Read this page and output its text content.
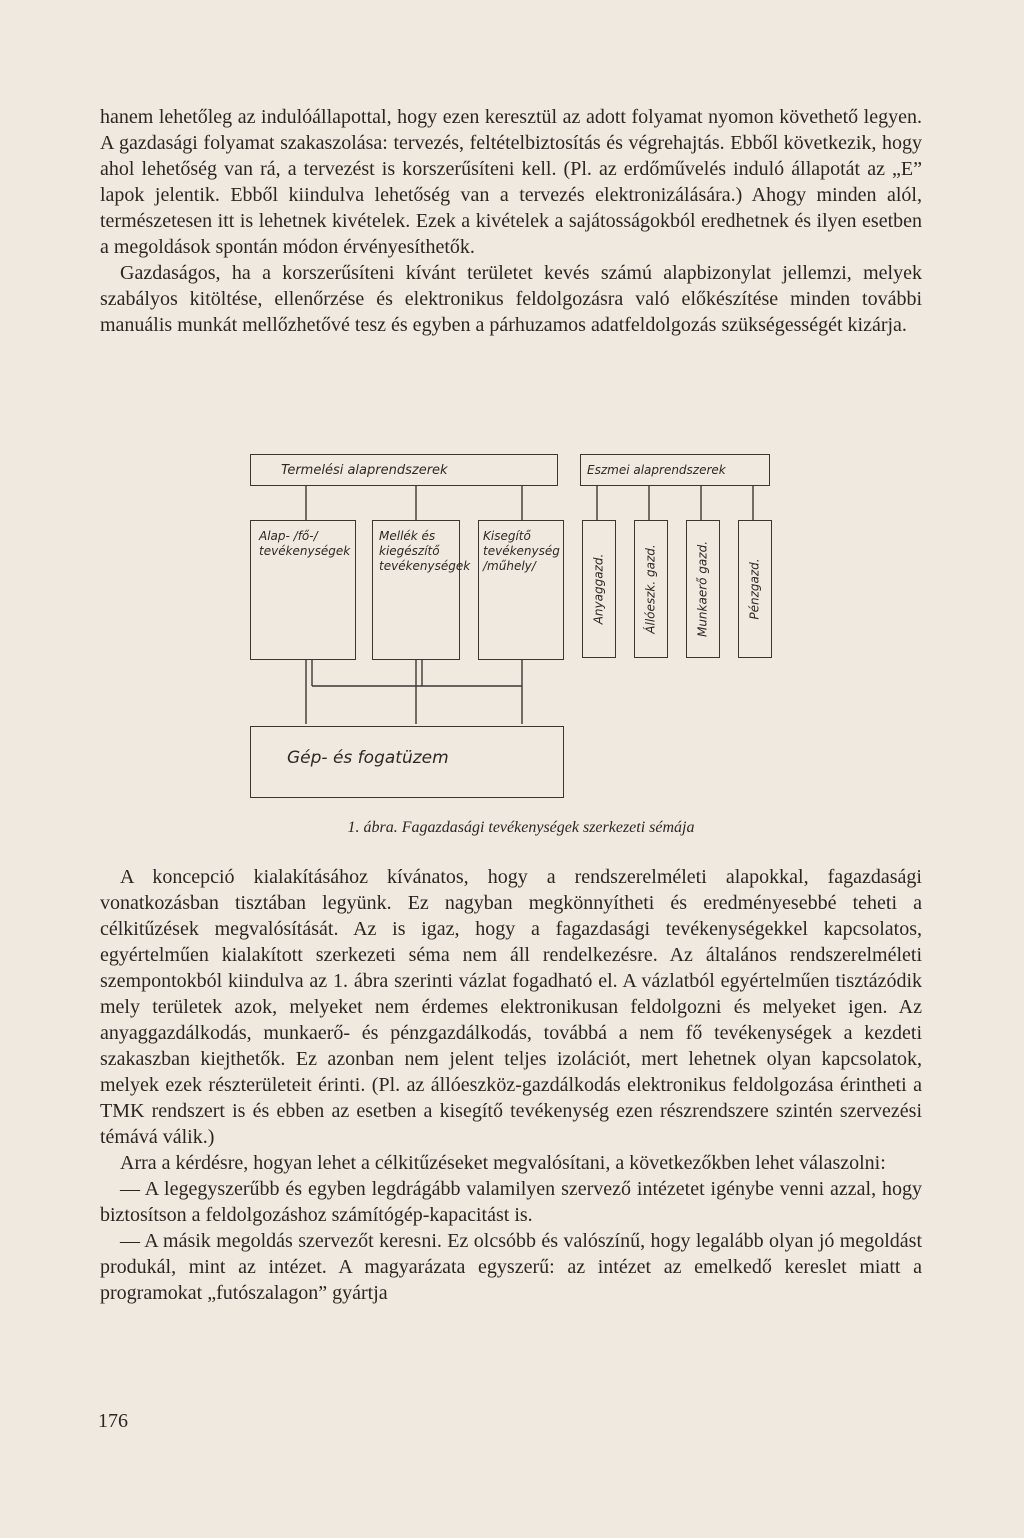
hanem lehetőleg az indulóállapottal, hogy ezen keresztül az adott folyamat nyomon követhető legyen. A gazdasági folyamat szakaszolása: tervezés, feltételbiztosítás és végrehajtás. Ebből következik, hogy ahol lehetőség van rá, a tervezést is korszerűsíteni kell. (Pl. az erdőművelés induló állapotát az „E” lapok jelentik. Ebből kiindulva lehetőség van a tervezés elektronizálására.) Ahogy minden alól, természetesen itt is lehetnek kivételek. Ezek a kivételek a sajátosságokból eredhetnek és ilyen esetben a megoldások spontán módon érvényesíthetők.

Gazdaságos, ha a korszerűsíteni kívánt területet kevés számú alapbizonylat jellemzi, melyek szabályos kitöltése, ellenőrzése és elektronikus feldolgozásra való előkészítése minden további manuális munkát mellőzhetővé tesz és egyben a párhuzamos adatfeldolgozás szükségességét kizárja.

Termelési alaprendszerek	Eszmei alaprendszerek
Alap- /fő-/ tevékenységek
Mellék és kiegészítő tevékenységek
Kisegítő tevékenység /műhely/	Anyaggazd.	Állóeszk. gazd.	Munkaerő gazd.	Pénzgazd.
Gép- és fogatüzem
1. ábra. Fagazdasági tevékenységek szerkezeti sémája

A koncepció kialakításához kívánatos, hogy a rendszerelméleti alapokkal, fagazdasági vonatkozásban tisztában legyünk. Ez nagyban megkönnyítheti és eredményesebbé teheti a célkitűzések megvalósítását. Az is igaz, hogy a fagazdasági tevékenységekkel kapcsolatos, egyértelműen kialakított szerkezeti séma nem áll rendelkezésre. Az általános rendszerelméleti szempontokból kiindulva az 1. ábra szerinti vázlat fogadható el. A vázlatból egyértelműen tisztázódik mely területek azok, melyeket nem érdemes elektronikusan feldolgozni és melyeket igen. Az anyaggazdálkodás, munkaerő- és pénzgazdálkodás, továbbá a nem fő tevékenységek a kezdeti szakaszban kiejthetők. Ez azonban nem jelent teljes izolációt, mert lehetnek olyan kapcsolatok, melyek ezek részterületeit érinti. (Pl. az állóeszköz-gazdálkodás elektronikus feldolgozása érintheti a TMK rendszert is és ebben az esetben a kisegítő tevékenység ezen részrendszere szintén szervezési témává válik.)

Arra a kérdésre, hogyan lehet a célkitűzéseket megvalósítani, a következőkben lehet válaszolni:

— A legegyszerűbb és egyben legdrágább valamilyen szervező intézetet igénybe venni azzal, hogy biztosítson a feldolgozáshoz számítógép-kapacitást is.

— A másik megoldás szervezőt keresni. Ez olcsóbb és valószínű, hogy legalább olyan jó megoldást produkál, mint az intézet. A magyarázata egyszerű: az intézet az emelkedő kereslet miatt a programokat „futószalagon” gyártja

176
